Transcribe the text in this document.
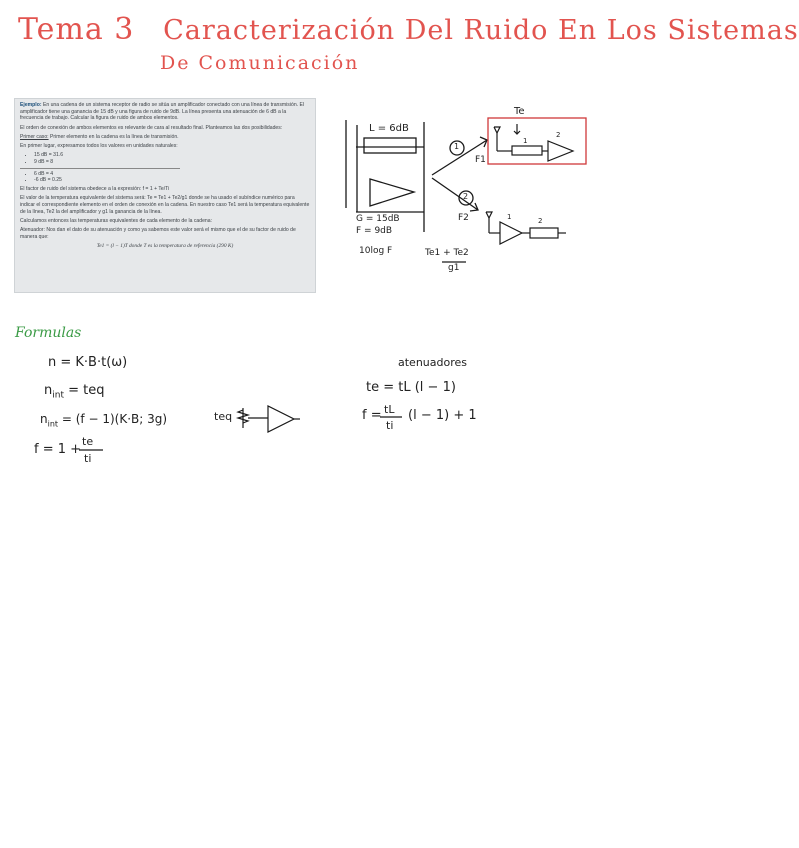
Tema 3 Caracterización Del Ruido En Los Sistemas
De Comunicación

Ejemplo: En una cadena de un sistema receptor de radio se sitúa un amplificador conectado con una línea de transmisión. El amplificador tiene una ganancia de 15 dB y una figura de ruido de 9dB. La línea presenta una atenuación de 6 dB a la frecuencia de trabajo. Calcular la figura de ruido de ambos elementos.

El orden de conexión de ambos elementos es relevante de cara al resultado final. Planteamos las dos posibilidades:

Primer caso: Primer elemento en la cadena es la línea de transmisión.

En primer lugar, expresamos todos los valores en unidades naturales:

• 15 dB = 31.6
• 9 dB = 8
• 6 dB = 4
• -6 dB = 0.25

El factor de ruido del sistema obedece a la expresión: f = 1 + Te/Ti

El valor de la temperatura equivalente del sistema será: Te = Te1 + Te2/g1 donde se ha usado el subíndice numérico para indicar el correspondiente elemento en el orden de conexión en la cadena. En nuestro caso Te1 será la temperatura equivalente de la línea, Te2 la del amplificador y g1 la ganancia de la línea.

Calculamos entonces las temperaturas equivalentes de cada elemento de la cadena:

Atenuador: Nos dan el dato de su atenuación y como ya sabemos este valor será el mismo que el de su factor de ruido de manera que:

Te1 = (l − 1)T donde T es la temperatura de referencia (290 K)

L = 6dB
G = 15dB
F = 9dB
10log F	Te1 + Te2
g1
1
2
F1
F2
Te
1
2
1	2
Formulas
n = K·B·t(ω)
$n_{int}$ = teq
$n_{int} = (f - 1)(K\cdot B$; 3g)
f = 1 +
te
ti
teq
atenuadores
te = tL (l − 1)
f = tL
ti
(l − 1) + 1
